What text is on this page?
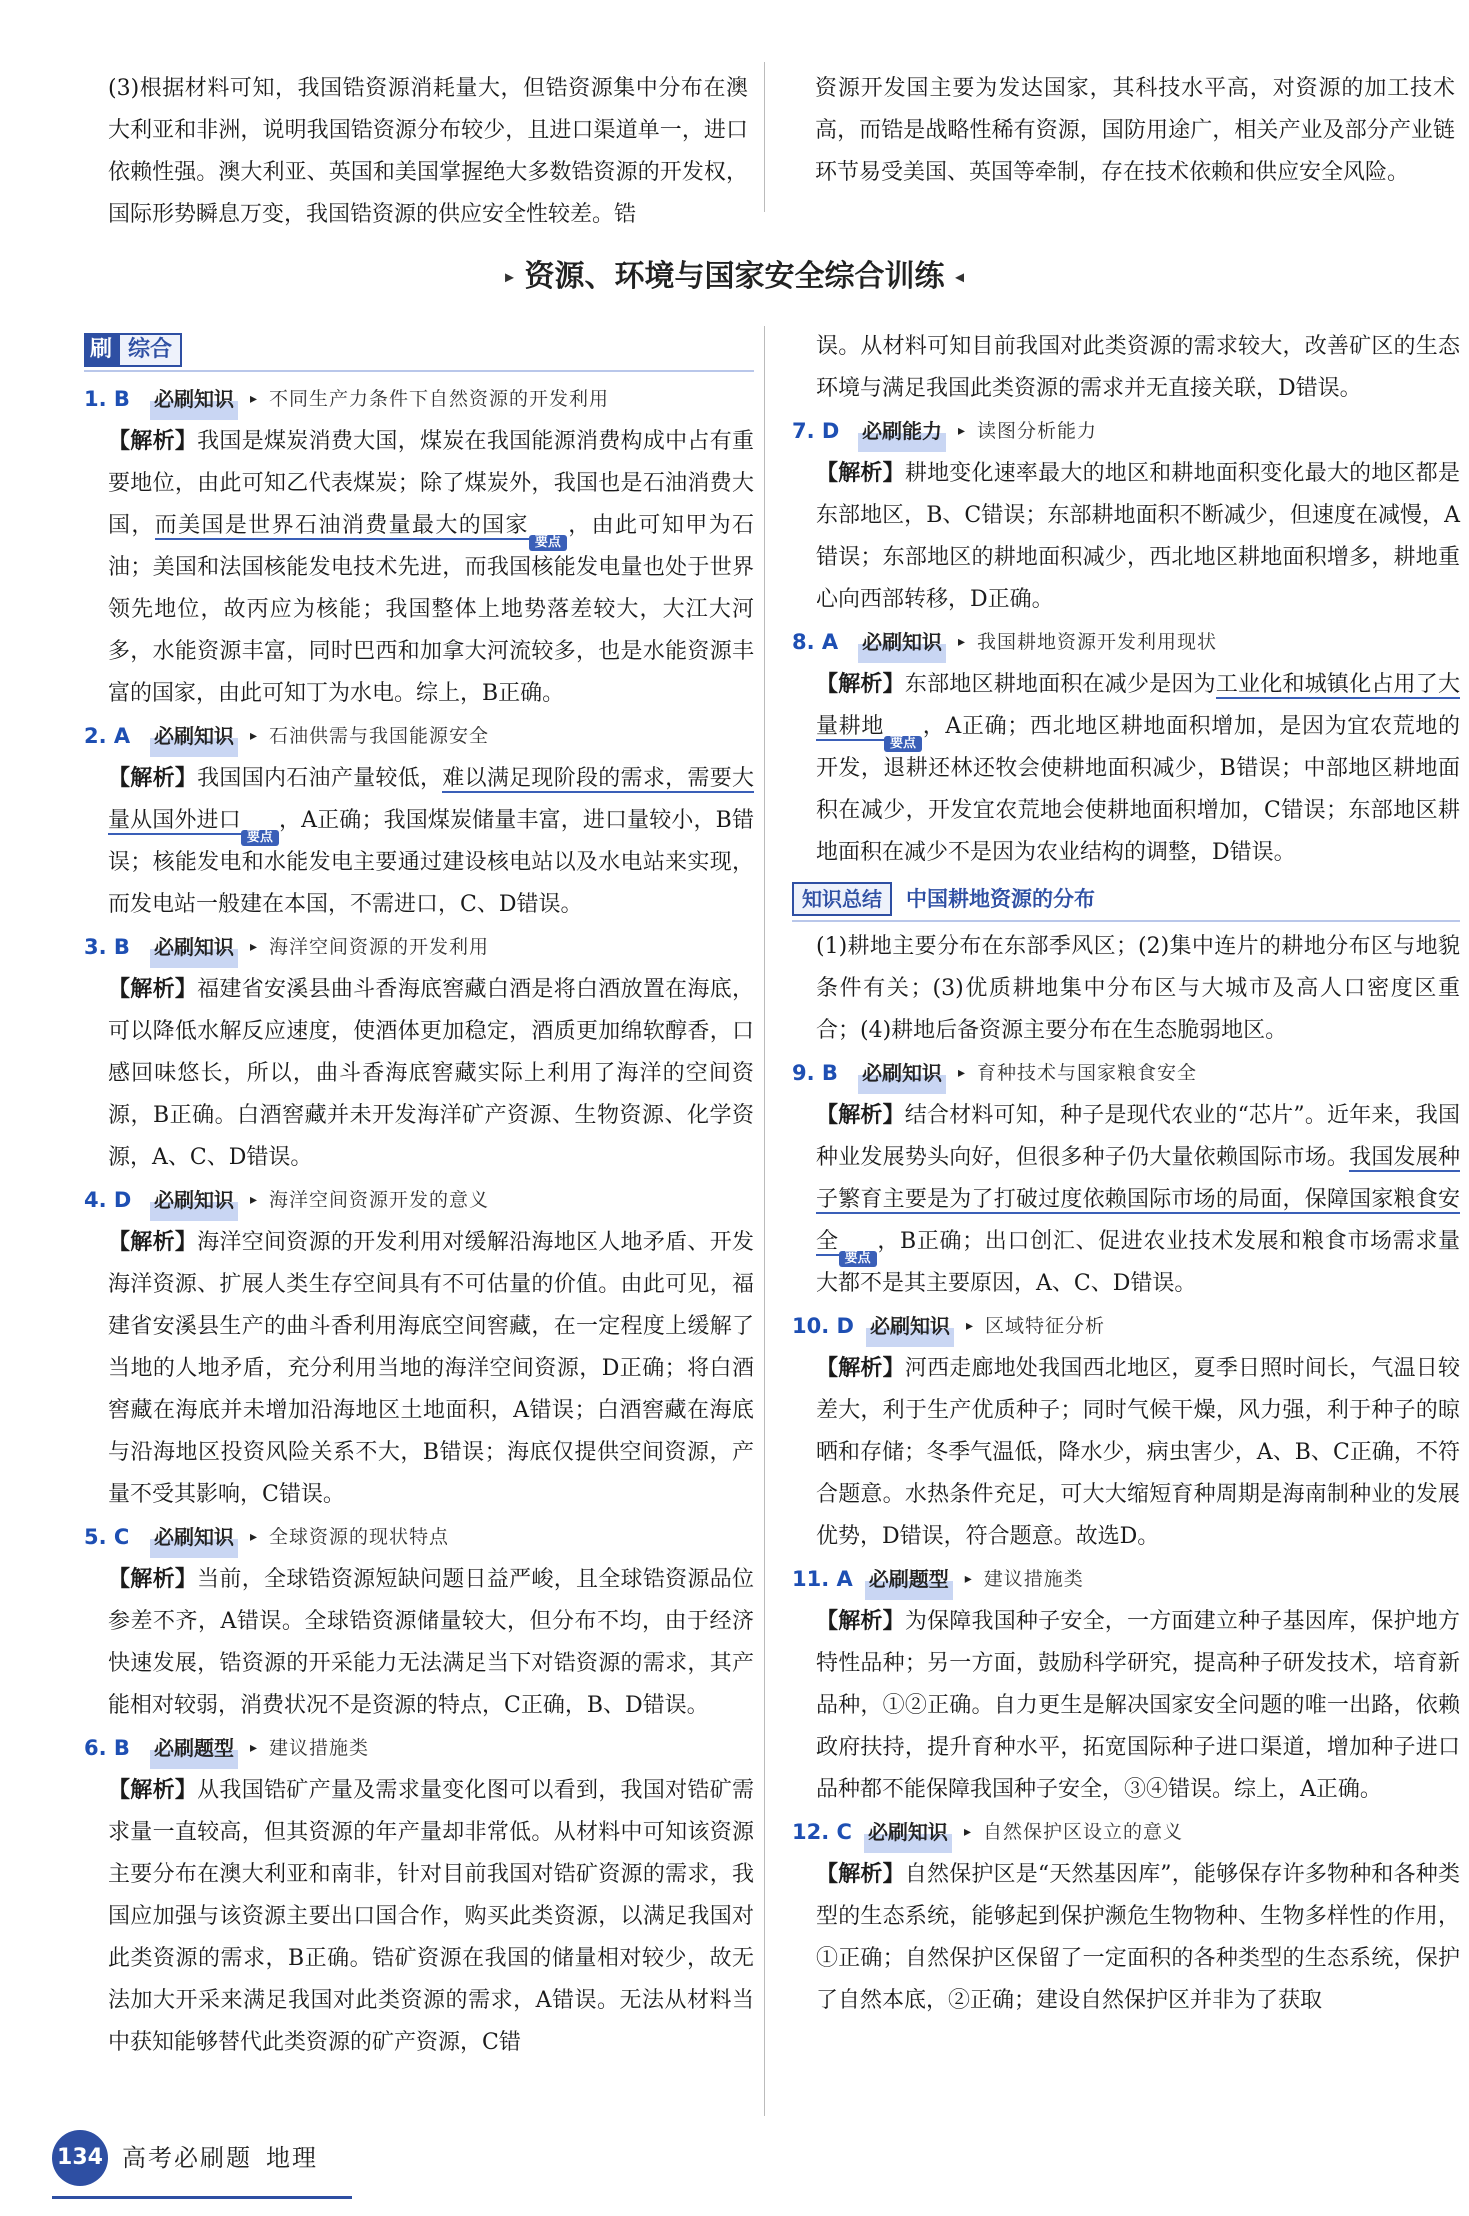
(3)根据材料可知，我国锆资源消耗量大，但锆资源集中分布在澳大利亚和非洲，说明我国锆资源分布较少，且进口渠道单一，进口依赖性强。澳大利亚、英国和美国掌握绝大多数锆资源的开发权，国际形势瞬息万变，我国锆资源的供应安全性较差。锆

资源开发国主要为发达国家，其科技水平高，对资源的加工技术高，而锆是战略性稀有资源，国防用途广，相关产业及部分产业链环节易受美国、英国等牵制，存在技术依赖和供应安全风险。

▸ 资源、环境与国家安全综合训练 ◂
刷 综合
1. B	必刷知识 ▸ 不同生产力条件下自然资源的开发利用

【解析】我国是煤炭消费大国，煤炭在我国能源消费构成中占有重要地位，由此可知乙代表煤炭；除了煤炭外，我国也是石油消费大国，而美国是世界石油消费量最大的国家要点，由此可知甲为石油；美国和法国核能发电技术先进，而我国核能发电量也处于世界领先地位，故丙应为核能；我国整体上地势落差较大，大江大河多，水能资源丰富，同时巴西和加拿大河流较多，也是水能资源丰富的国家，由此可知丁为水电。综上，B正确。

2. A	必刷知识 ▸ 石油供需与我国能源安全

【解析】我国国内石油产量较低，难以满足现阶段的需求，需要大量从国外进口要点，A正确；我国煤炭储量丰富，进口量较小，B错误；核能发电和水能发电主要通过建设核电站以及水电站来实现，而发电站一般建在本国，不需进口，C、D错误。

3. B	必刷知识 ▸ 海洋空间资源的开发利用

【解析】福建省安溪县曲斗香海底窖藏白酒是将白酒放置在海底，可以降低水解反应速度，使酒体更加稳定，酒质更加绵软醇香，口感回味悠长，所以，曲斗香海底窖藏实际上利用了海洋的空间资源，B正确。白酒窖藏并未开发海洋矿产资源、生物资源、化学资源，A、C、D错误。

4. D	必刷知识 ▸ 海洋空间资源开发的意义

【解析】海洋空间资源的开发利用对缓解沿海地区人地矛盾、开发海洋资源、扩展人类生存空间具有不可估量的价值。由此可见，福建省安溪县生产的曲斗香利用海底空间窖藏，在一定程度上缓解了当地的人地矛盾，充分利用当地的海洋空间资源，D正确；将白酒窖藏在海底并未增加沿海地区土地面积，A错误；白酒窖藏在海底与沿海地区投资风险关系不大，B错误；海底仅提供空间资源，产量不受其影响，C错误。

5. C	必刷知识 ▸ 全球资源的现状特点

【解析】当前，全球锆资源短缺问题日益严峻，且全球锆资源品位参差不齐，A错误。全球锆资源储量较大，但分布不均，由于经济快速发展，锆资源的开采能力无法满足当下对锆资源的需求，其产能相对较弱，消费状况不是资源的特点，C正确，B、D错误。

6. B	必刷题型 ▸ 建议措施类

【解析】从我国锆矿产量及需求量变化图可以看到，我国对锆矿需求量一直较高，但其资源的年产量却非常低。从材料中可知该资源主要分布在澳大利亚和南非，针对目前我国对锆矿资源的需求，我国应加强与该资源主要出口国合作，购买此类资源，以满足我国对此类资源的需求，B正确。锆矿资源在我国的储量相对较少，故无法加大开采来满足我国对此类资源的需求，A错误。无法从材料当中获知能够替代此类资源的矿产资源，C错

误。从材料可知目前我国对此类资源的需求较大，改善矿区的生态环境与满足我国此类资源的需求并无直接关联，D错误。

7. D	必刷能力 ▸ 读图分析能力

【解析】耕地变化速率最大的地区和耕地面积变化最大的地区都是东部地区，B、C错误；东部耕地面积不断减少，但速度在减慢，A错误；东部地区的耕地面积减少，西北地区耕地面积增多，耕地重心向西部转移，D正确。

8. A	必刷知识 ▸ 我国耕地资源开发利用现状

【解析】东部地区耕地面积在减少是因为工业化和城镇化占用了大量耕地要点，A正确；西北地区耕地面积增加，是因为宜农荒地的开发，退耕还林还牧会使耕地面积减少，B错误；中部地区耕地面积在减少，开发宜农荒地会使耕地面积增加，C错误；东部地区耕地面积在减少不是因为农业结构的调整，D错误。

知识总结	中国耕地资源的分布

(1)耕地主要分布在东部季风区；(2)集中连片的耕地分布区与地貌条件有关；(3)优质耕地集中分布区与大城市及高人口密度区重合；(4)耕地后备资源主要分布在生态脆弱地区。

9. B	必刷知识 ▸ 育种技术与国家粮食安全

【解析】结合材料可知，种子是现代农业的“芯片”。近年来，我国种业发展势头向好，但很多种子仍大量依赖国际市场。我国发展种子繁育主要是为了打破过度依赖国际市场的局面，保障国家粮食安全要点，B正确；出口创汇、促进农业技术发展和粮食市场需求量大都不是其主要原因，A、C、D错误。

10. D 必刷知识 ▸ 区域特征分析

【解析】河西走廊地处我国西北地区，夏季日照时间长，气温日较差大，利于生产优质种子；同时气候干燥，风力强，利于种子的晾晒和存储；冬季气温低，降水少，病虫害少，A、B、C正确，不符合题意。水热条件充足，可大大缩短育种周期是海南制种业的发展优势，D错误，符合题意。故选D。

11. A 必刷题型 ▸ 建议措施类

【解析】为保障我国种子安全，一方面建立种子基因库，保护地方特性品种；另一方面，鼓励科学研究，提高种子研发技术，培育新品种，①②正确。自力更生是解决国家安全问题的唯一出路，依赖政府扶持，提升育种水平，拓宽国际种子进口渠道，增加种子进口品种都不能保障我国种子安全，③④错误。综上，A正确。

12. C 必刷知识 ▸ 自然保护区设立的意义

【解析】自然保护区是“天然基因库”，能够保存许多物种和各种类型的生态系统，能够起到保护濒危生物物种、生物多样性的作用，①正确；自然保护区保留了一定面积的各种类型的生态系统，保护了自然本底，②正确；建设自然保护区并非为了获取

134 高考必刷题 地理
